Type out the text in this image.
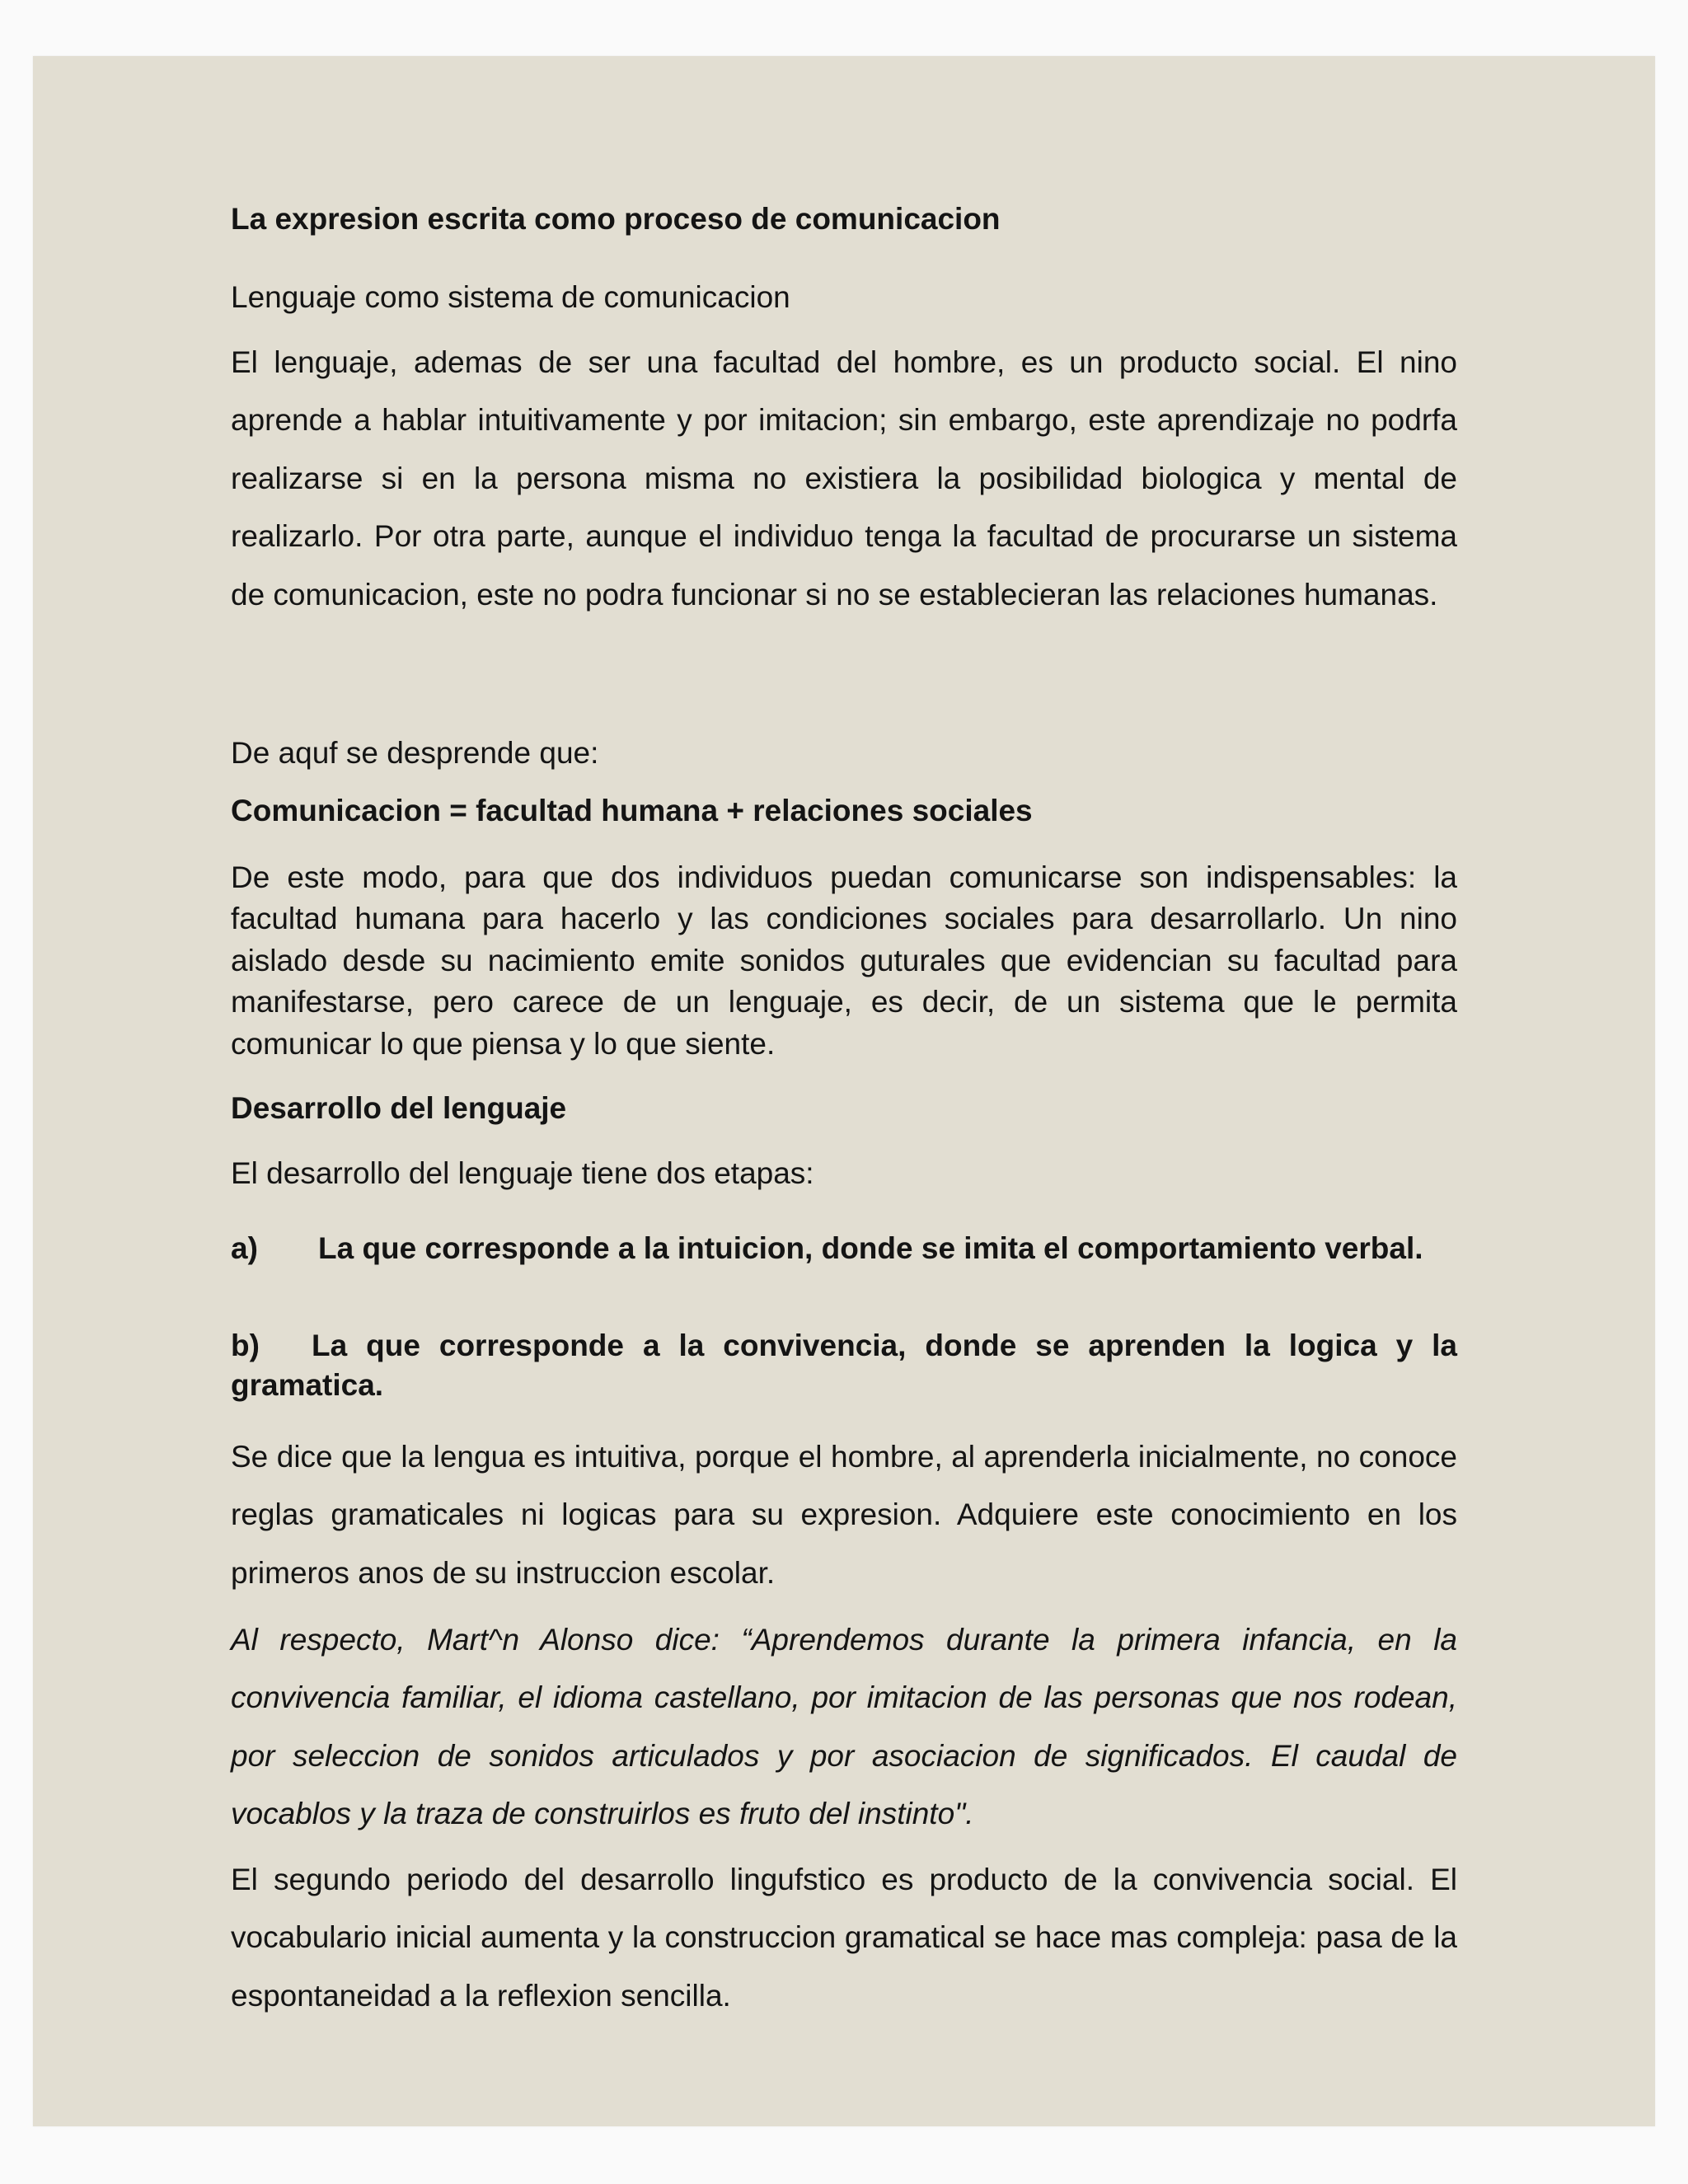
La expresion escrita como proceso de comunicacion

Lenguaje como sistema de comunicacion

El lenguaje, ademas de ser una facultad del hombre, es un producto social. El nino aprende a hablar intuitivamente y por imitacion; sin embargo, este aprendizaje no podrfa realizarse si en la persona misma no existiera la posibilidad biologica y mental de realizarlo. Por otra parte, aunque el individuo tenga la facultad de procurarse un sistema de comunicacion, este no podra funcionar si no se establecieran las relaciones humanas.

De aquf se desprende que:

Comunicacion = facultad humana + relaciones sociales

De este modo, para que dos individuos puedan comunicarse son indispensables: la facultad humana para hacerlo y las condiciones sociales para desarrollarlo. Un nino aislado desde su nacimiento emite sonidos guturales que evidencian su facultad para manifestarse, pero carece de un lenguaje, es decir, de un sistema que le permita comunicar lo que piensa y lo que siente.

Desarrollo del lenguaje

El desarrollo del lenguaje tiene dos etapas:

a) La que corresponde a la intuicion, donde se imita el comportamiento verbal.

b) La que corresponde a la convivencia, donde se aprenden la logica y la gramatica.

Se dice que la lengua es intuitiva, porque el hombre, al aprenderla inicialmente, no conoce reglas gramaticales ni logicas para su expresion. Adquiere este conocimiento en los primeros anos de su instruccion escolar.

Al respecto, Mart^n Alonso dice: “Aprendemos durante la primera infancia, en la convivencia familiar, el idioma castellano, por imitacion de las personas que nos rodean, por seleccion de sonidos articulados y por asociacion de significados. El caudal de vocablos y la traza de construirlos es fruto del instinto".

El segundo periodo del desarrollo lingufstico es producto de la convivencia social. El vocabulario inicial aumenta y la construccion gramatical se hace mas compleja: pasa de la espontaneidad a la reflexion sencilla.
